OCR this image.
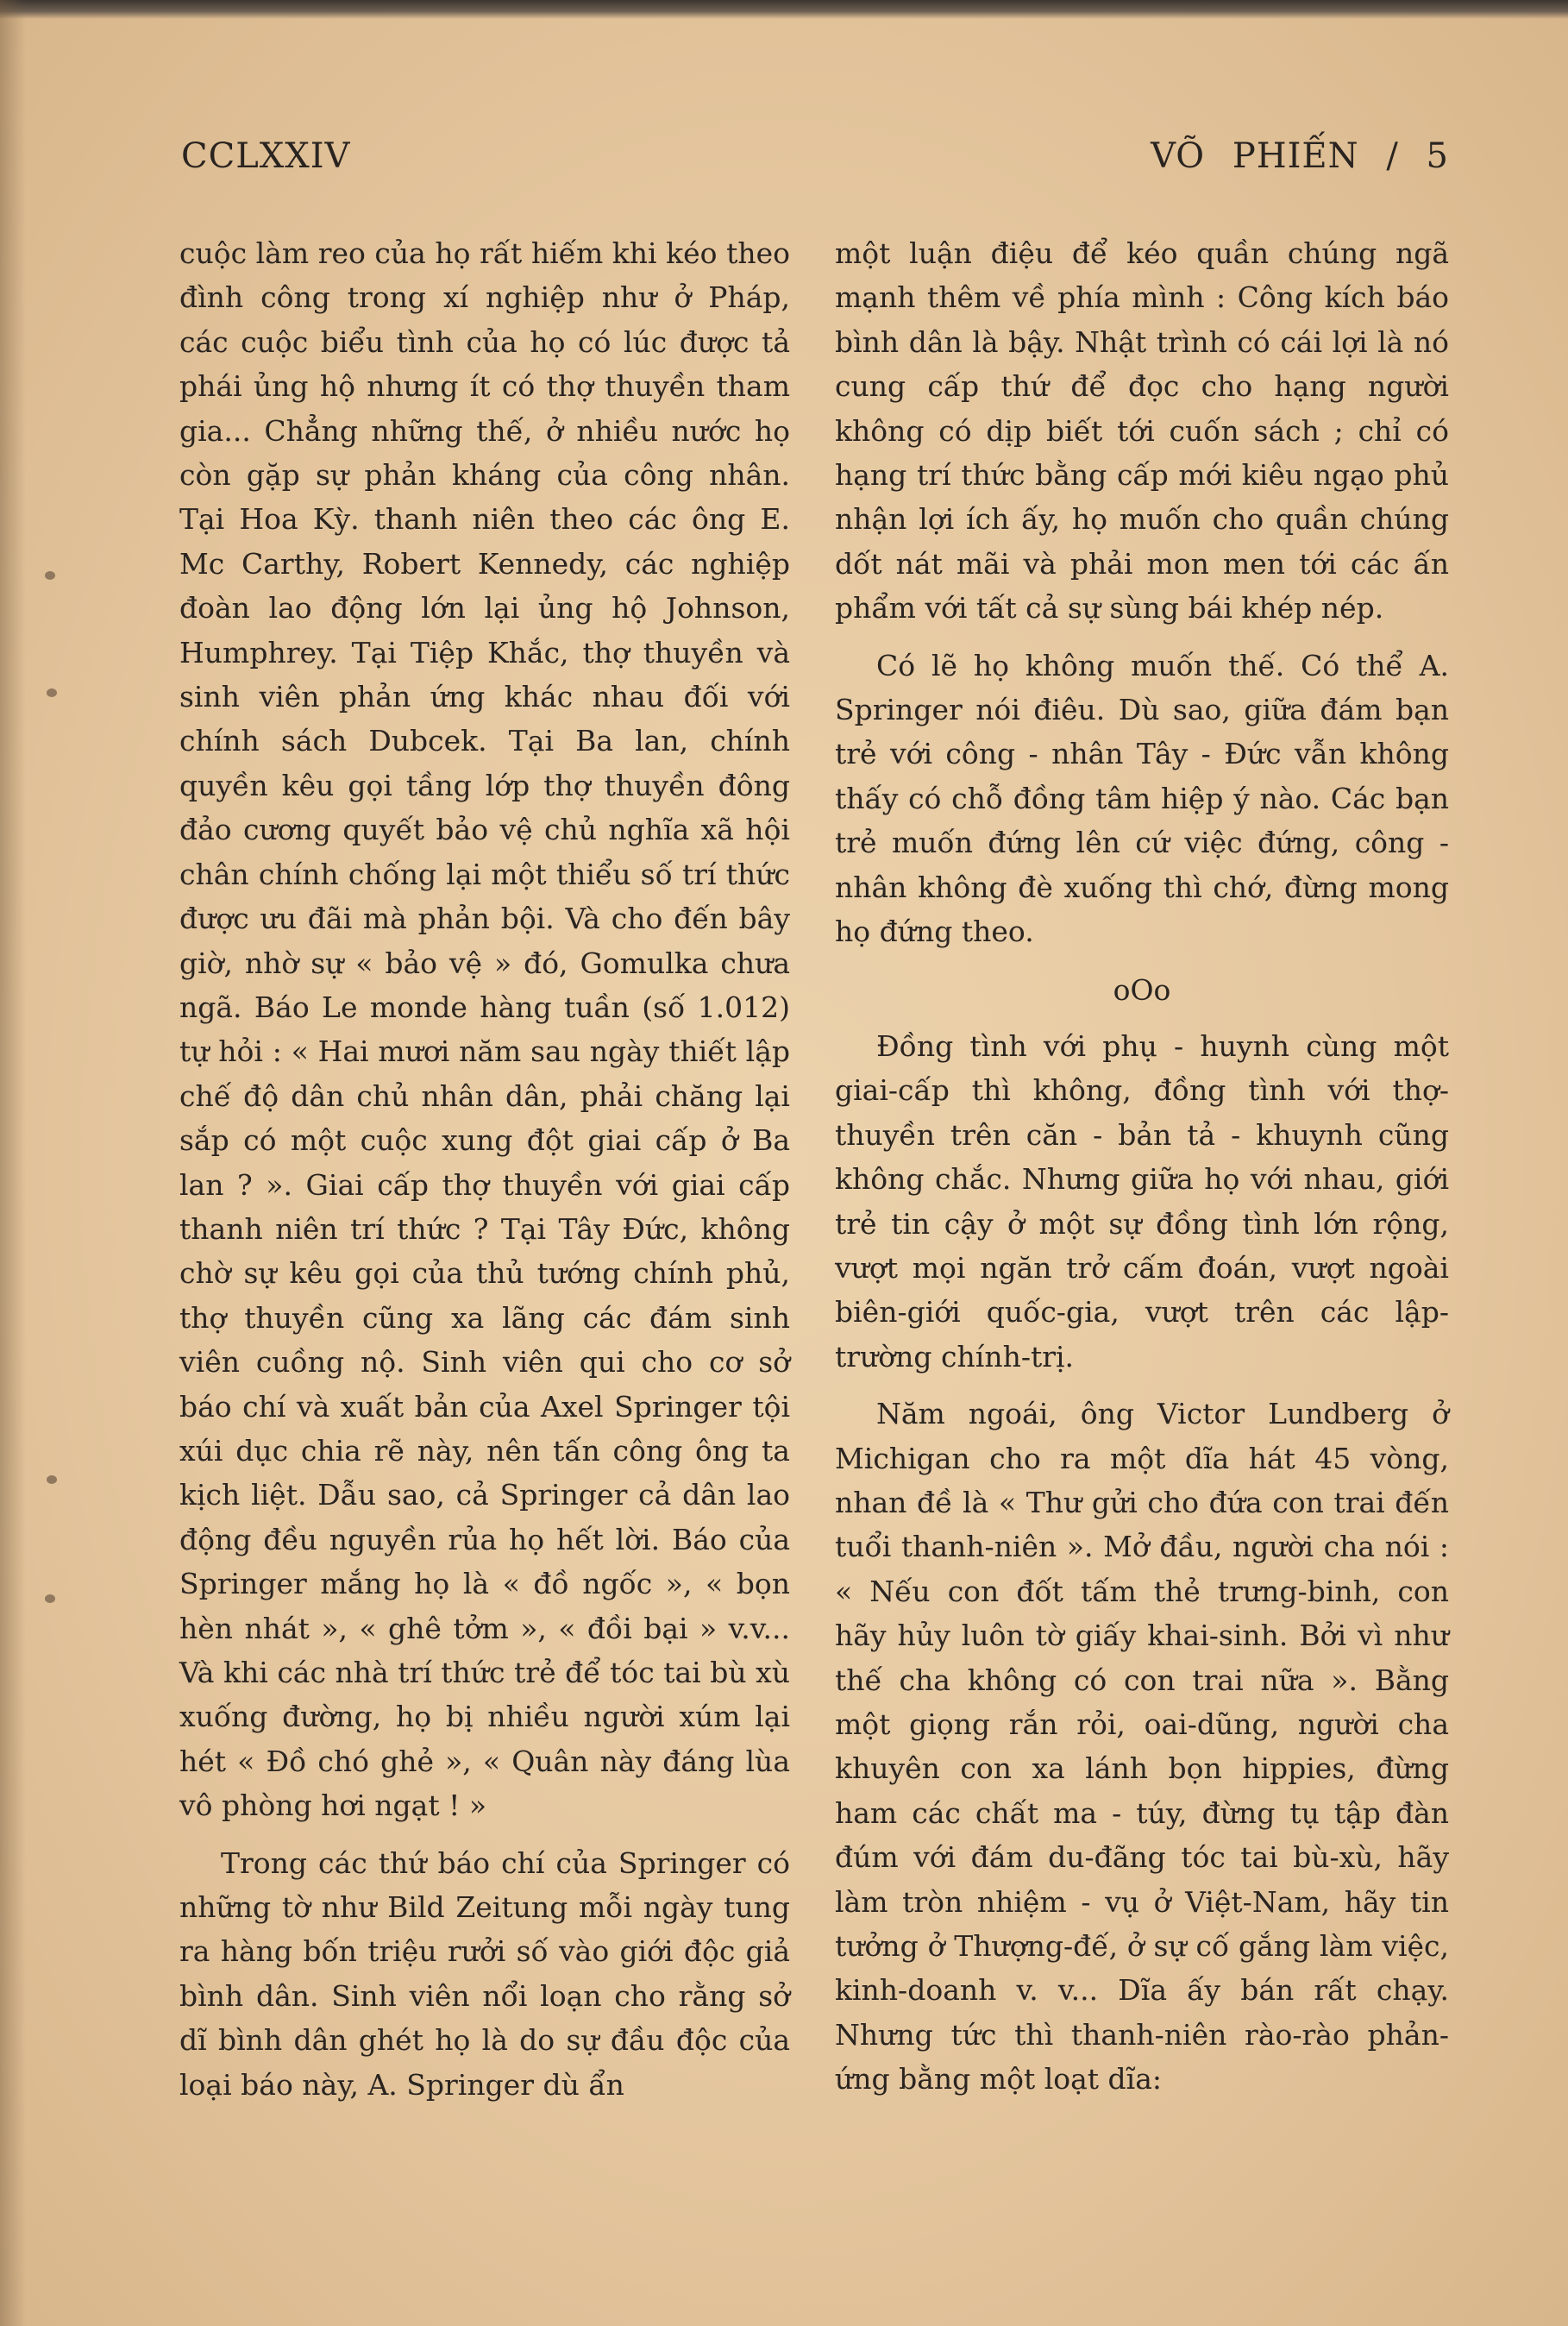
CCLXXIV	VÕ PHIẾN / 5

cuộc làm reo của họ rất hiếm khi kéo theo đình công trong xí nghiệp như ở Pháp, các cuộc biểu tình của họ có lúc được tả phái ủng hộ nhưng ít có thợ thuyền tham gia... Chẳng những thế, ở nhiều nước họ còn gặp sự phản kháng của công nhân. Tại Hoa Kỳ. thanh niên theo các ông E. Mc Carthy, Robert Kennedy, các nghiệp đoàn lao động lớn lại ủng hộ Johnson, Humphrey. Tại Tiệp Khắc, thợ thuyền và sinh viên phản ứng khác nhau đối với chính sách Dubcek. Tại Ba lan, chính quyền kêu gọi tầng lớp thợ thuyền đông đảo cương quyết bảo vệ chủ nghĩa xã hội chân chính chống lại một thiểu số trí thức được ưu đãi mà phản bội. Và cho đến bây giờ, nhờ sự « bảo vệ » đó, Gomulka chưa ngã. Báo Le monde hàng tuần (số 1.012) tự hỏi : « Hai mươi năm sau ngày thiết lập chế độ dân chủ nhân dân, phải chăng lại sắp có một cuộc xung đột giai cấp ở Ba lan ? ». Giai cấp thợ thuyền với giai cấp thanh niên trí thức ? Tại Tây Đức, không chờ sự kêu gọi của thủ tướng chính phủ, thợ thuyền cũng xa lãng các đám sinh viên cuồng nộ. Sinh viên qui cho cơ sở báo chí và xuất bản của Axel Springer tội xúi dục chia rẽ này, nên tấn công ông ta kịch liệt. Dẫu sao, cả Springer cả dân lao động đều nguyền rủa họ hết lời. Báo của Springer mắng họ là « đồ ngốc », « bọn hèn nhát », « ghê tởm », « đồi bại » v.v... Và khi các nhà trí thức trẻ để tóc tai bù xù xuống đường, họ bị nhiều người xúm lại hét « Đồ chó ghẻ », « Quân này đáng lùa vô phòng hơi ngạt ! »

Trong các thứ báo chí của Springer có những tờ như Bild Zeitung mỗi ngày tung ra hàng bốn triệu rưởi số vào giới độc giả bình dân. Sinh viên nổi loạn cho rằng sở dĩ bình dân ghét họ là do sự đầu độc của loại báo này, A. Springer dù ẩn

một luận điệu để kéo quần chúng ngã mạnh thêm về phía mình : Công kích báo bình dân là bậy. Nhật trình có cái lợi là nó cung cấp thứ để đọc cho hạng người không có dịp biết tới cuốn sách ; chỉ có hạng trí thức bằng cấp mới kiêu ngạo phủ nhận lợi ích ấy, họ muốn cho quần chúng dốt nát mãi và phải mon men tới các ấn phẩm với tất cả sự sùng bái khép nép.

Có lẽ họ không muốn thế. Có thể A. Springer nói điêu. Dù sao, giữa đám bạn trẻ với công - nhân Tây - Đức vẫn không thấy có chỗ đồng tâm hiệp ý nào. Các bạn trẻ muốn đứng lên cứ việc đứng, công - nhân không đè xuống thì chớ, đừng mong họ đứng theo.

oOo

Đồng tình với phụ - huynh cùng một giai-cấp thì không, đồng tình với thợ-thuyền trên căn - bản tả - khuynh cũng không chắc. Nhưng giữa họ với nhau, giới trẻ tin cậy ở một sự đồng tình lớn rộng, vượt mọi ngăn trở cấm đoán, vượt ngoài biên-giới quốc-gia, vượt trên các lập-trường chính-trị.

Năm ngoái, ông Victor Lundberg ở Michigan cho ra một dĩa hát 45 vòng, nhan đề là « Thư gửi cho đứa con trai đến tuổi thanh-niên ». Mở đầu, người cha nói : « Nếu con đốt tấm thẻ trưng-binh, con hãy hủy luôn tờ giấy khai-sinh. Bởi vì như thế cha không có con trai nữa ». Bằng một giọng rắn rỏi, oai-dũng, người cha khuyên con xa lánh bọn hippies, đừng ham các chất ma - túy, đừng tụ tập đàn đúm với đám du-đãng tóc tai bù-xù, hãy làm tròn nhiệm - vụ ở Việt-Nam, hãy tin tưởng ở Thượng-đế, ở sự cố gắng làm việc, kinh-doanh v. v... Dĩa ấy bán rất chạy. Nhưng tức thì thanh-niên rào-rào phản-ứng bằng một loạt dĩa:
